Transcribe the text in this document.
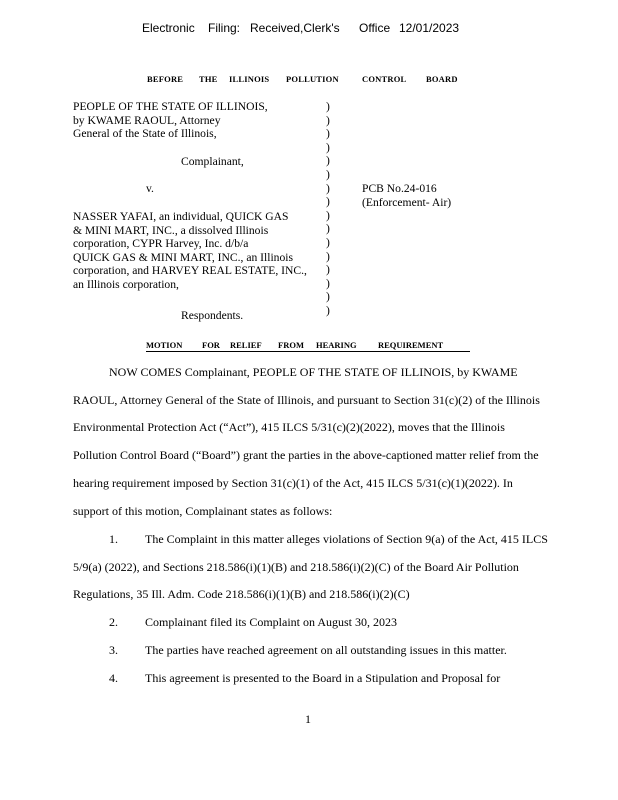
Electronic Filing: Received,Clerk's Office 12/01/2023
BEFORE THE ILLINOIS POLLUTION	CONTROL BOARD
PEOPLE OF THE STATE OF ILLINOIS,
by KWAME RAOUL, Attorney
General of the State of Illinois,
Complainant,
v.	PCB No.24-016
(Enforcement- Air)
NASSER YAFAI, an individual, QUICK GAS
& MINI MART, INC., a dissolved Illinois
corporation, CYPR Harvey, Inc. d/b/a
QUICK GAS & MINI MART, INC., an Illinois
corporation, and HARVEY REAL ESTATE, INC.,
an Illinois corporation,
Respondents.
)
)
)
)
)
)
)
)
)
)
)
)
)
)
)
)
MOTION	FOR	RELIEF	FROM	HEARING	REQUIREMENT
NOW COMES Complainant, PEOPLE OF THE STATE OF ILLINOIS, by KWAME
RAOUL, Attorney General of the State of Illinois, and pursuant to Section 31(c)(2) of the Illinois
Environmental Protection Act (“Act”), 415 ILCS 5/31(c)(2)(2022), moves that the Illinois
Pollution Control Board (“Board”) grant the parties in the above-captioned matter relief from the
hearing requirement imposed by Section 31(c)(1) of the Act, 415 ILCS 5/31(c)(1)(2022). In
support of this motion, Complainant states as follows:
1. The Complaint in this matter alleges violations of Section 9(a) of the Act, 415 ILCS
5/9(a) (2022), and Sections 218.586(i)(1)(B) and 218.586(i)(2)(C) of the Board Air Pollution
Regulations, 35 Ill. Adm. Code 218.586(i)(1)(B) and 218.586(i)(2)(C)
2. Complainant filed its Complaint on August 30, 2023
3. The parties have reached agreement on all outstanding issues in this matter.
4. This agreement is presented to the Board in a Stipulation and Proposal for
1
